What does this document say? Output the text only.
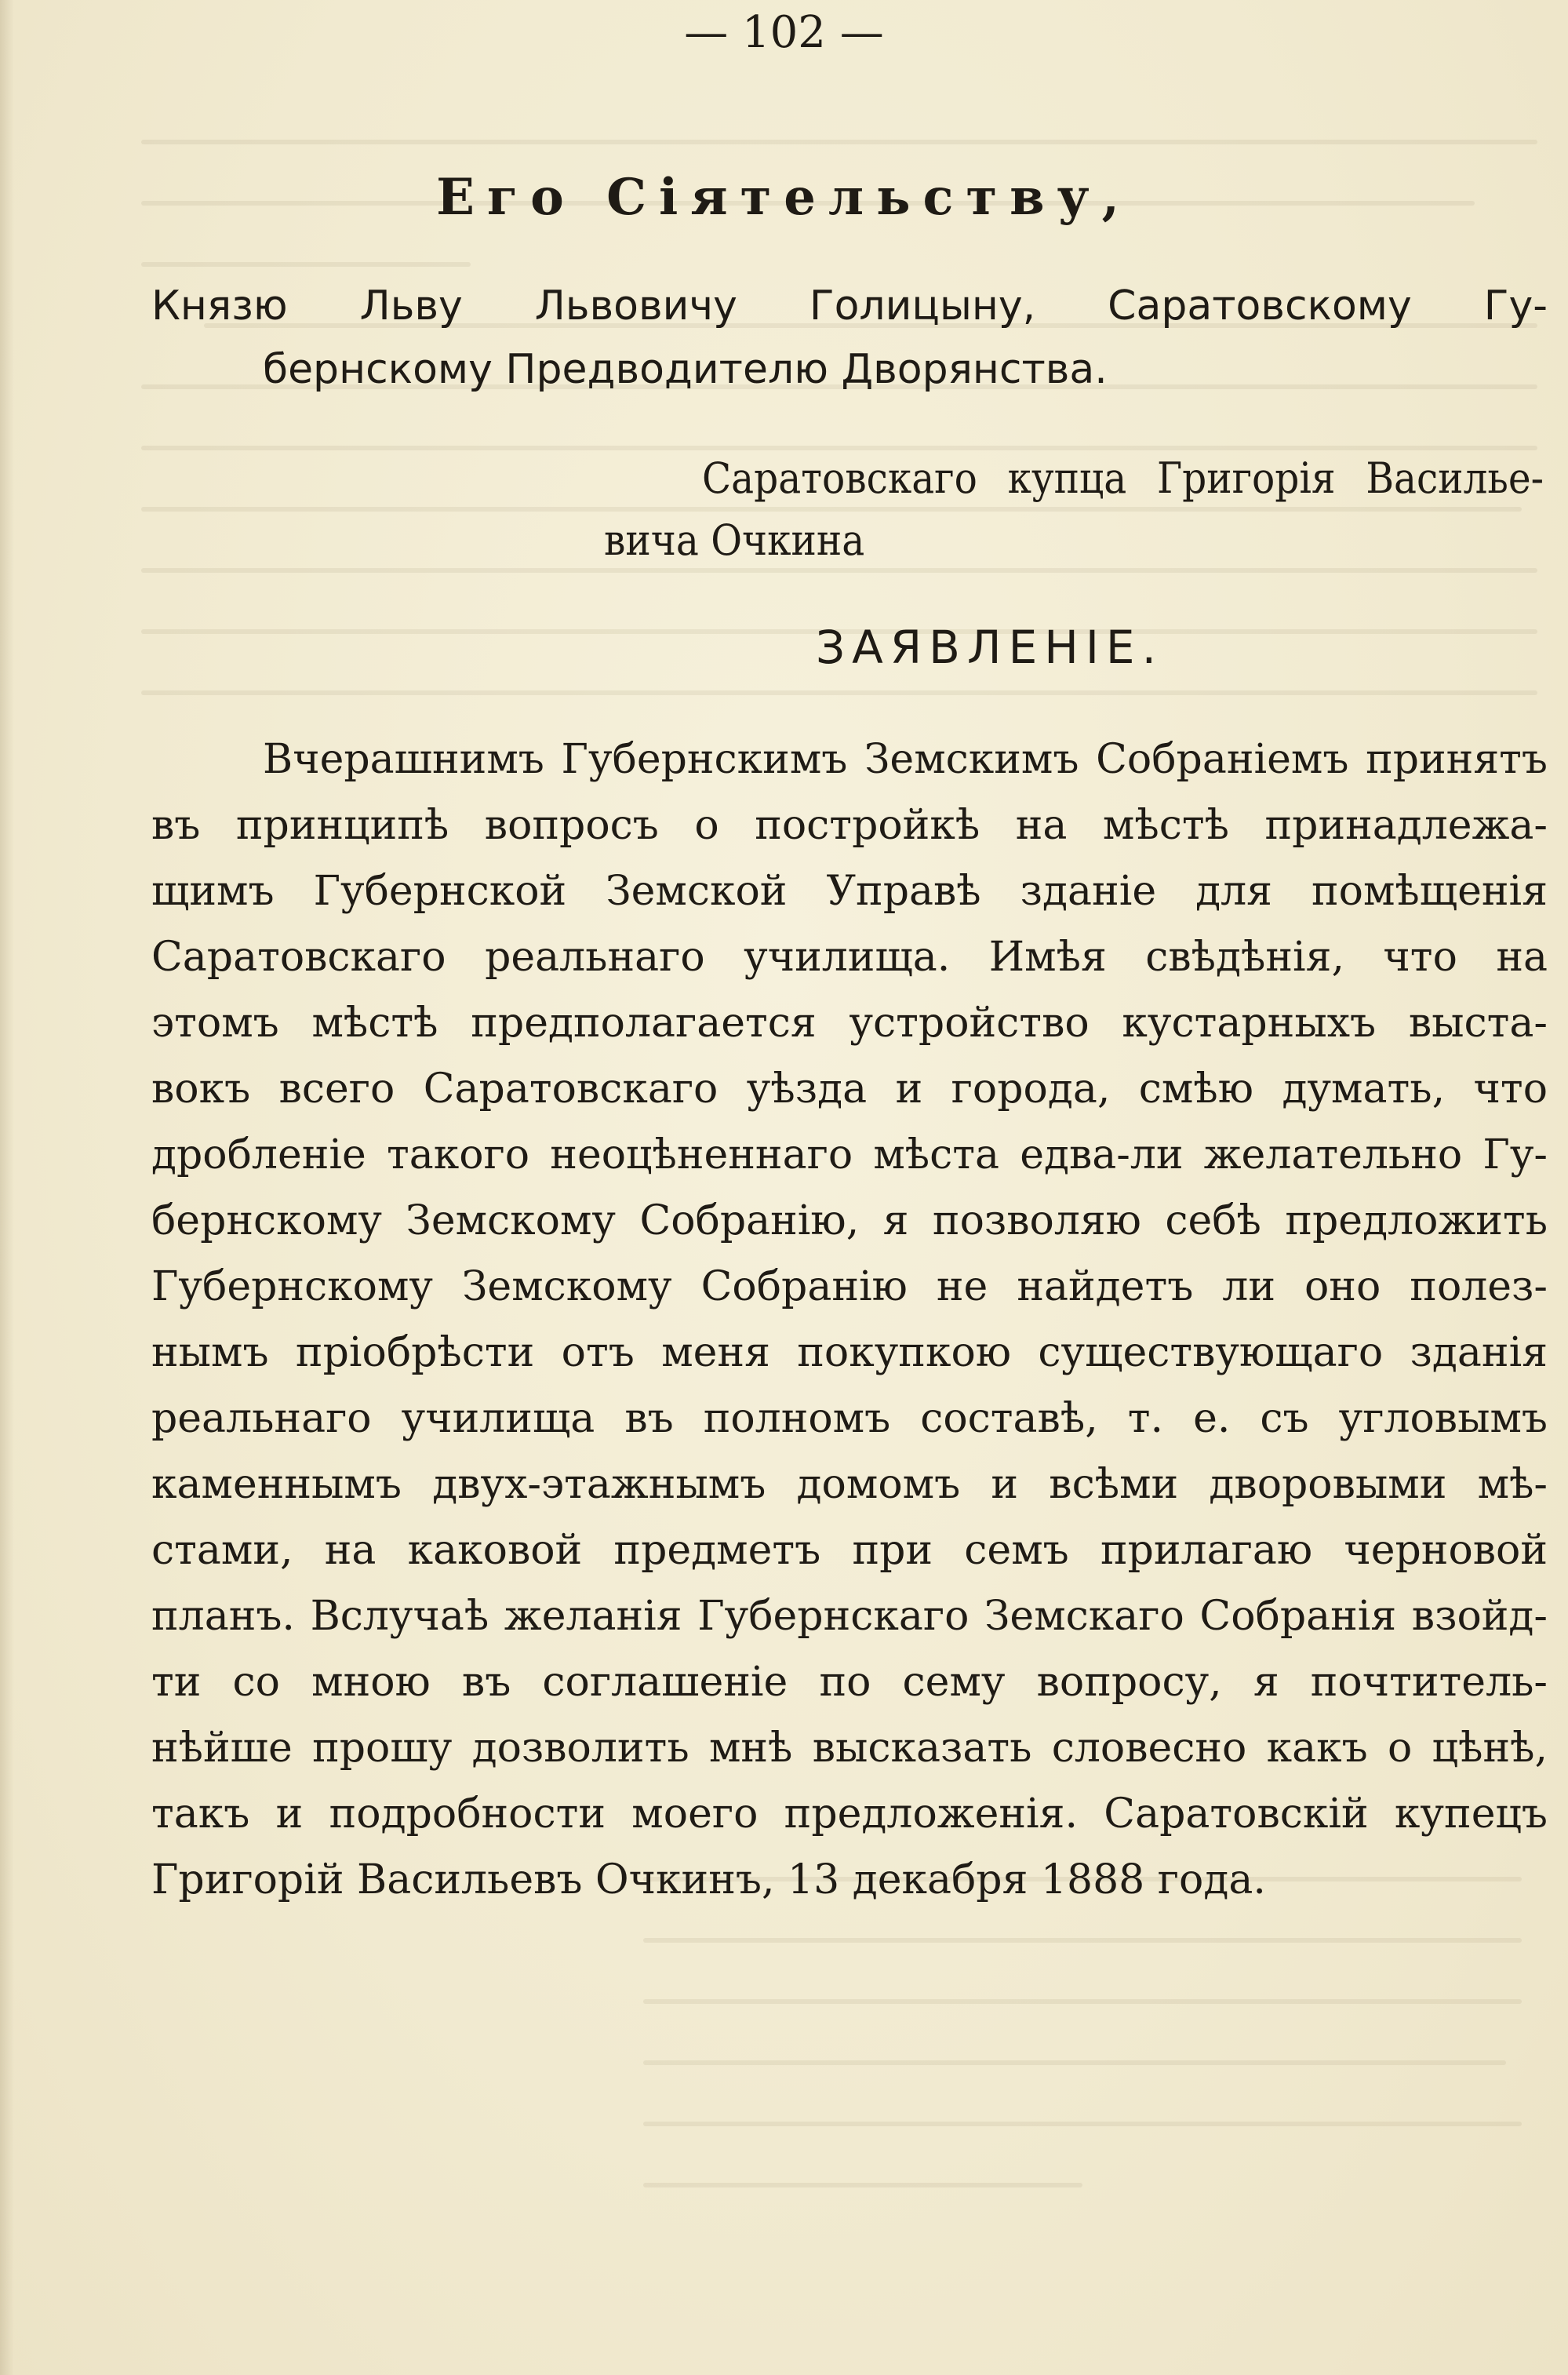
— 102 —
Его Сіятельству,
Князю Льву Львовичу Голицыну, Саратовскому Гу-
бернскому Предводителю Дворянства.
Саратовскаго купца Григорія Василье-
вича Очкина
ЗАЯВЛЕНІЕ.
Вчерашнимъ Губернскимъ Земскимъ Собраніемъ принятъ
въ принципѣ вопросъ о постройкѣ на мѣстѣ принадлежа-
щимъ Губернской Земской Управѣ зданіе для помѣщенія
Саратовскаго реальнаго училища. Имѣя свѣдѣнія, что на
этомъ мѣстѣ предполагается устройство кустарныхъ выста-
вокъ всего Саратовскаго уѣзда и города, смѣю думать, что
дробленіе такого неоцѣненнаго мѣста едва-ли желательно Гу-
бернскому Земскому Собранію, я позволяю себѣ предложить
Губернскому Земскому Собранію не найдетъ ли оно полез-
нымъ пріобрѣсти отъ меня покупкою существующаго зданія
реальнаго училища въ полномъ составѣ, т. е. съ угловымъ
каменнымъ двух-этажнымъ домомъ и всѣми дворовыми мѣ-
стами, на каковой предметъ при семъ прилагаю черновой
планъ. Вслучаѣ желанія Губернскаго Земскаго Собранія взойд-
ти со мною въ соглашеніе по сему вопросу, я почтитель-
нѣйше прошу дозволить мнѣ высказать словесно какъ о цѣнѣ,
такъ и подробности моего предложенія. Саратовскій купецъ
Григорій Васильевъ Очкинъ, 13 декабря 1888 года.
